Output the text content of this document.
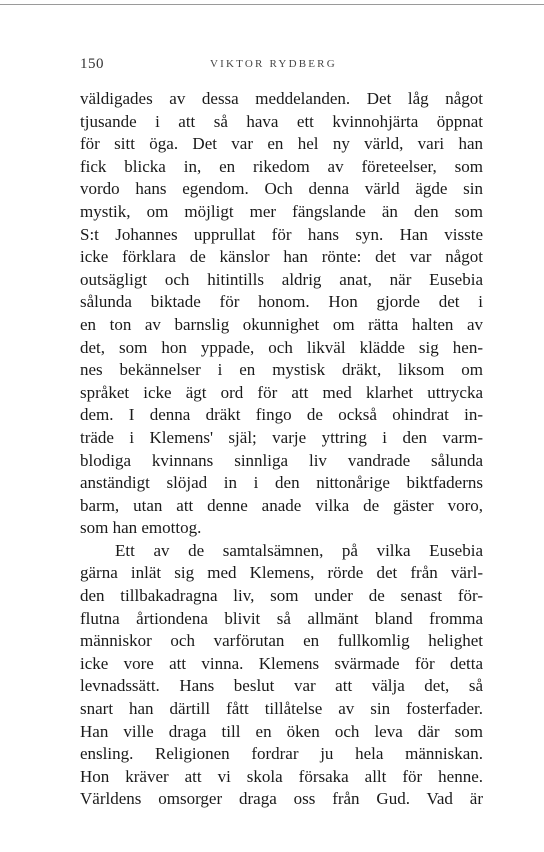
150	VIKTOR RYDBERG
väldigades av dessa meddelanden. Det låg något
tjusande i att så hava ett kvinnohjärta öppnat
för sitt öga. Det var en hel ny värld, vari han
fick blicka in, en rikedom av företeelser, som
vordo hans egendom. Och denna värld ägde sin
mystik, om möjligt mer fängslande än den som
S:t Johannes upprullat för hans syn. Han visste
icke förklara de känslor han rönte: det var något
outsägligt och hitintills aldrig anat, när Eusebia
sålunda biktade för honom. Hon gjorde det i
en ton av barnslig okunnighet om rätta halten av
det, som hon yppade, och likväl klädde sig hen-
nes bekännelser i en mystisk dräkt, liksom om
språket icke ägt ord för att med klarhet uttrycka
dem. I denna dräkt fingo de också ohindrat in-
träde i Klemens' själ; varje yttring i den varm-
blodiga kvinnans sinnliga liv vandrade sålunda
anständigt slöjad in i den nittonårige biktfaderns
barm, utan att denne anade vilka de gäster voro,
som han emottog.
Ett av de samtalsämnen, på vilka Eusebia
gärna inlät sig med Klemens, rörde det från värl-
den tillbakadragna liv, som under de senast för-
flutna årtiondena blivit så allmänt bland fromma
människor och varförutan en fullkomlig helighet
icke vore att vinna. Klemens svärmade för detta
levnadssätt. Hans beslut var att välja det, så
snart han därtill fått tillåtelse av sin fosterfader.
Han ville draga till en öken och leva där som
ensling. Religionen fordrar ju hela människan.
Hon kräver att vi skola försaka allt för henne.
Världens omsorger draga oss från Gud. Vad är
